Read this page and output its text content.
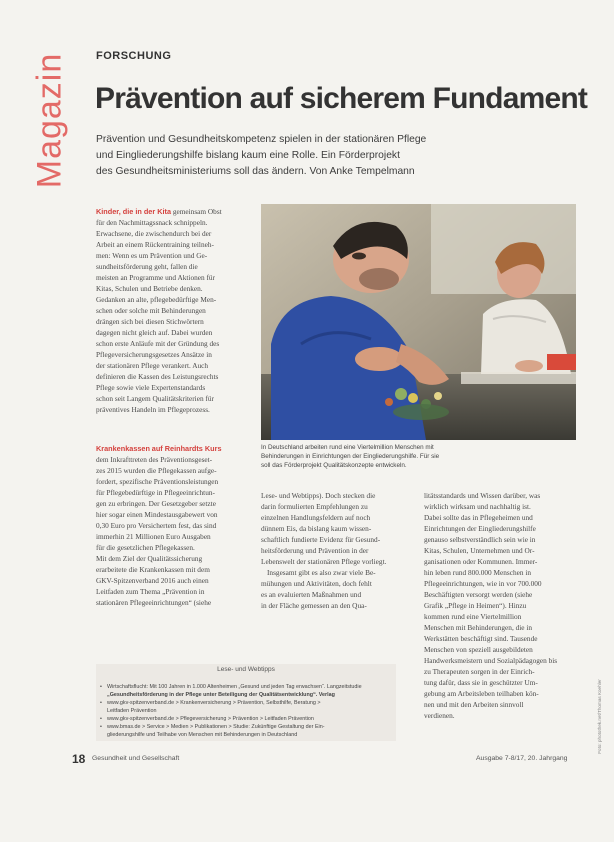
Magazin FORSCHUNG
Prävention auf sicherem Fundament
Prävention und Gesundheitskompetenz spielen in der stationären Pflege
und Eingliederungshilfe bislang kaum eine Rolle. Ein Förderprojekt
des Gesundheitsministeriums soll das ändern. Von Anke Tempelmann
Kinder, die in der Kita gemeinsam Obst
für den Nachmittagssnack schnippeln.
Erwachsene, die zwischendurch bei der
Arbeit an einem Rückentraining teilneh-
men: Wenn es um Prävention und Ge-
sundheitsförderung geht, fallen die
meisten an Programme und Aktionen für
Kitas, Schulen und Betriebe denken.
Gedanken an alte, pflegebedürftige Men-
schen oder solche mit Behinderungen
drängen sich bei diesen Stichwörtern
dagegen nicht gleich auf. Dabei wurden
schon erste Anläufe mit der Gründung des
Pflegeversicherungsgesetzes Ansätze in
der stationären Pflege verankert. Auch
definieren die Kassen des Leistungsrechts
Pflege sowie viele Expertenstandards
schon seit Langem Qualitätskriterien für
präventives Handeln im Pflegeprozess.
Krankenkassen auf Reinhardts Kurs
dem Inkrafttreten des Präventionsgeset-
zes 2015 wurden die Pflegekassen aufge-
fordert, spezifische Präventionsleistungen
für Pflegebedürftige in Pflegeeinrichtun-
gen zu erbringen. Der Gesetzgeber setzte
hier sogar einen Mindestausgabewert von
0,30 Euro pro Versichertem fest, das sind
immerhin 21 Millionen Euro Ausgaben
für die gesetzlichen Pflegekassen.
Mit dem Ziel der Qualitätssicherung
erarbeitete die Krankenkassen mit dem
GKV-Spitzenverband 2016 auch einen
Leitfaden zum Thema „Prävention in
stationären Pflegeeinrichtungen“ (siehe
In Deutschland arbeiten rund eine Viertelmillion Menschen mit
Behinderungen in Einrichtungen der Eingliederungshilfe. Für sie
soll das Förderprojekt Qualitätskonzepte entwickeln.
Lese- und Webtipps). Doch stecken die
darin formulierten Empfehlungen zu
einzelnen Handlungsfeldern auf noch
dünnem Eis, da bislang kaum wissen-
schaftlich fundierte Evidenz für Gesund-
heitsförderung und Prävention in der
Lebenswelt der stationären Pflege vorliegt.
Insgesamt gibt es also zwar viele Be-
mühungen und Aktivitäten, doch fehlt
es an evaluierten Maßnahmen und
in der Fläche gemessen an den Qua-
litätsstandards und Wissen darüber, was
wirklich wirksam und nachhaltig ist.
Dabei sollte das in Pflegeheimen und
Einrichtungen der Eingliederungshilfe
genauso selbstverständlich sein wie in
Kitas, Schulen, Unternehmen und Or-
ganisationen oder Kommunen. Immer-
hin leben rund 800.000 Menschen in
Pflegeeinrichtungen, wie in vor 700.000
Beschäftigten versorgt werden (siehe
Grafik „Pflege in Heimen“). Hinzu
kommen rund eine Viertelmillion
Menschen mit Behinderungen, die in
Werkstätten beschäftigt sind. Tausende
Menschen von speziell ausgebildeten
Handwerksmeistern und Sozialpädagogen bis
zu Therapeuten sorgen in der Einrich-
tung dafür, dass sie in geschützter Um-
gebung am Arbeitsleben teilhaben kön-
nen und mit den Arbeiten sinnvoll
verdienen.
Lese- und Webtipps
• Wirtschaftsflucht: Mit 100 Jahren in 1.000 Altenheimen „Gesund und jeden Tag erwachsen“. Langzeitstudie
„Gesundheitsförderung in der Pflege unter Beteiligung der Qualitätsentwicklung“. Verlag
• www.gkv-spitzenverband.de > Krankenversicherung > Prävention, Selbsthilfe, Beratung >
Leitfaden Prävention
• www.gkv-spitzenverband.de > Pflegeversicherung > Prävention > Leitfaden Prävention
• www.bmas.de > Service > Medien > Publikationen > Studie: Zukünftige Gestaltung der Ein-
gliederungshilfe und Teilhabe von Menschen mit Behinderungen in Deutschland	Foto: photothek.net/Thomas Koehler
18 Gesundheit und Gesellschaft	Ausgabe 7-8/17, 20. Jahrgang
